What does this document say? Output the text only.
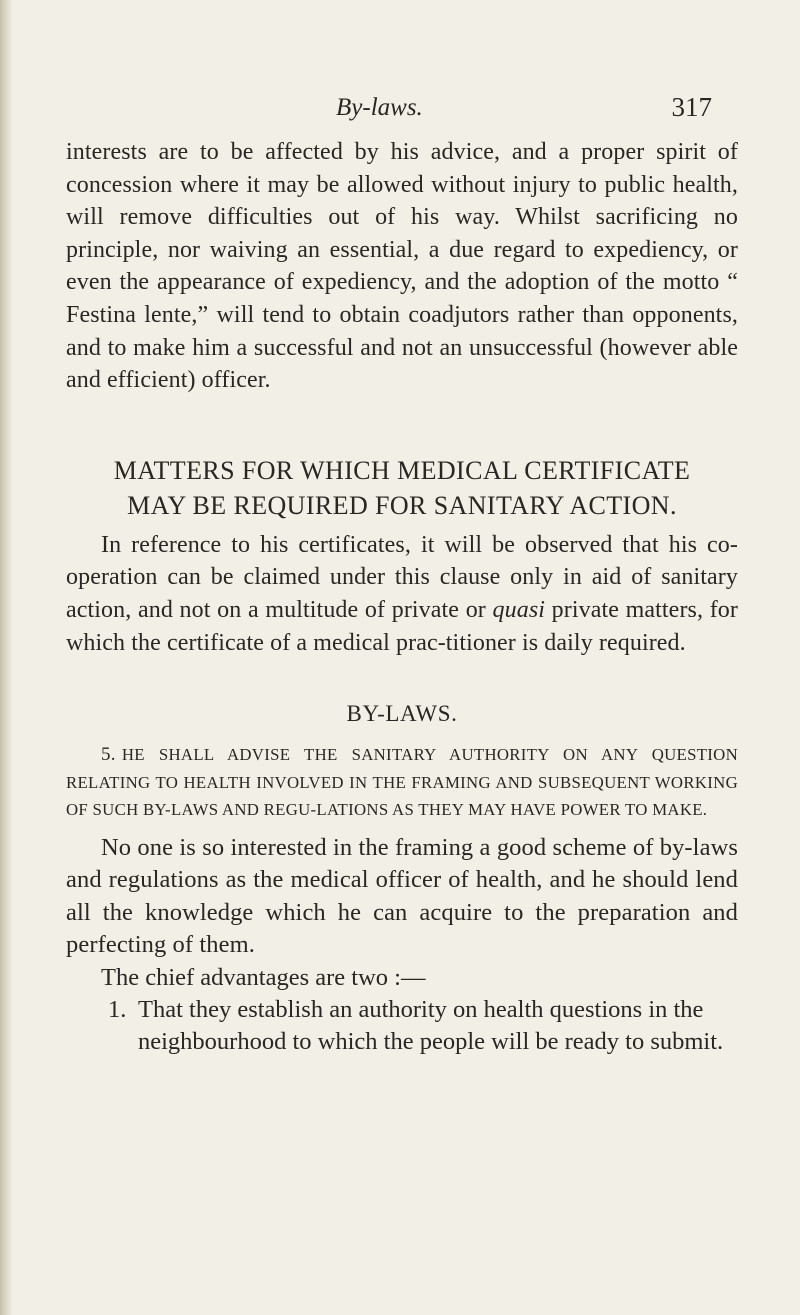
By-laws.	317

interests are to be affected by his advice, and a proper spirit of concession where it may be allowed without injury to public health, will remove difficulties out of his way. Whilst sacrificing no principle, nor waiving an essential, a due regard to expediency, or even the appearance of expediency, and the adoption of the motto “ Festina lente,” will tend to obtain coadjutors rather than opponents, and to make him a successful and not an unsuccessful (however able and efficient) officer.

MATTERS FOR WHICH MEDICAL CERTIFICATE
MAY BE REQUIRED FOR SANITARY ACTION.

In reference to his certificates, it will be observed that his co-operation can be claimed under this clause only in aid of sanitary action, and not on a multitude of private or quasi private matters, for which the certificate of a medical prac-titioner is daily required.

BY-LAWS.

5. HE SHALL ADVISE THE SANITARY AUTHORITY ON ANY QUESTION RELATING TO HEALTH INVOLVED IN THE FRAMING AND SUBSEQUENT WORKING OF SUCH BY-LAWS AND REGU-LATIONS AS THEY MAY HAVE POWER TO MAKE.

No one is so interested in the framing a good scheme of by-laws and regulations as the medical officer of health, and he should lend all the knowledge which he can acquire to the preparation and perfecting of them.

The chief advantages are two :—

1. That they establish an authority on health questions in the neighbourhood to which the people will be ready to submit.
